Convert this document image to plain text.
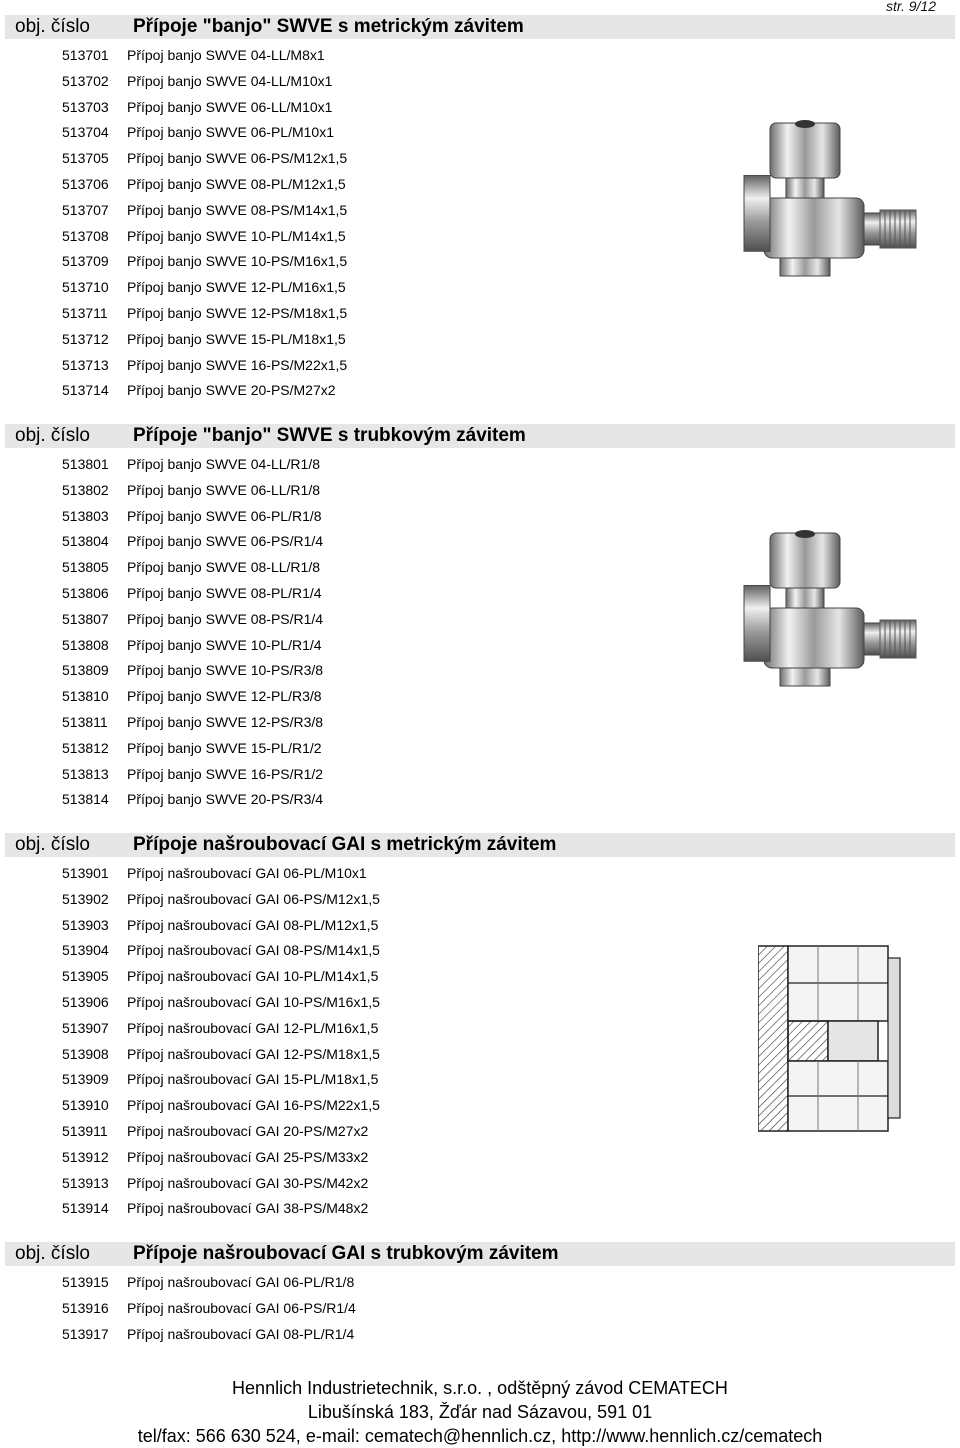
str. 9/12
obj. číslo Přípoje "banjo" SWVE s metrickým závitem
513701 Přípoj banjo SWVE 04-LL/M8x1
513702 Přípoj banjo SWVE 04-LL/M10x1
513703 Přípoj banjo SWVE 06-LL/M10x1
513704 Přípoj banjo SWVE 06-PL/M10x1
513705 Přípoj banjo SWVE 06-PS/M12x1,5
513706 Přípoj banjo SWVE 08-PL/M12x1,5
513707 Přípoj banjo SWVE 08-PS/M14x1,5
513708 Přípoj banjo SWVE 10-PL/M14x1,5
513709 Přípoj banjo SWVE 10-PS/M16x1,5
513710 Přípoj banjo SWVE 12-PL/M16x1,5
513711 Přípoj banjo SWVE 12-PS/M18x1,5
513712 Přípoj banjo SWVE 15-PL/M18x1,5
513713 Přípoj banjo SWVE 16-PS/M22x1,5
513714 Přípoj banjo SWVE 20-PS/M27x2
obj. číslo Přípoje "banjo" SWVE s trubkovým závitem
513801 Přípoj banjo SWVE 04-LL/R1/8
513802 Přípoj banjo SWVE 06-LL/R1/8
513803 Přípoj banjo SWVE 06-PL/R1/8
513804 Přípoj banjo SWVE 06-PS/R1/4
513805 Přípoj banjo SWVE 08-LL/R1/8
513806 Přípoj banjo SWVE 08-PL/R1/4
513807 Přípoj banjo SWVE 08-PS/R1/4
513808 Přípoj banjo SWVE 10-PL/R1/4
513809 Přípoj banjo SWVE 10-PS/R3/8
513810 Přípoj banjo SWVE 12-PL/R3/8
513811 Přípoj banjo SWVE 12-PS/R3/8
513812 Přípoj banjo SWVE 15-PL/R1/2
513813 Přípoj banjo SWVE 16-PS/R1/2
513814 Přípoj banjo SWVE 20-PS/R3/4
obj. číslo Přípoje našroubovací GAI s metrickým závitem
513901 Přípoj našroubovací GAI 06-PL/M10x1
513902 Přípoj našroubovací GAI 06-PS/M12x1,5
513903 Přípoj našroubovací GAI 08-PL/M12x1,5
513904 Přípoj našroubovací GAI 08-PS/M14x1,5
513905 Přípoj našroubovací GAI 10-PL/M14x1,5
513906 Přípoj našroubovací GAI 10-PS/M16x1,5
513907 Přípoj našroubovací GAI 12-PL/M16x1,5
513908 Přípoj našroubovací GAI 12-PS/M18x1,5
513909 Přípoj našroubovací GAI 15-PL/M18x1,5
513910 Přípoj našroubovací GAI 16-PS/M22x1,5
513911 Přípoj našroubovací GAI 20-PS/M27x2
513912 Přípoj našroubovací GAI 25-PS/M33x2
513913 Přípoj našroubovací GAI 30-PS/M42x2
513914 Přípoj našroubovací GAI 38-PS/M48x2
obj. číslo Přípoje našroubovací GAI s trubkovým závitem
513915 Přípoj našroubovací GAI 06-PL/R1/8
513916 Přípoj našroubovací GAI 06-PS/R1/4
513917 Přípoj našroubovací GAI 08-PL/R1/4
Hennlich Industrietechnik, s.r.o. , odštěpný závod CEMATECH
Libušínská 183, Žďár nad Sázavou, 591 01
tel/fax: 566 630 524, e-mail: cematech@hennlich.cz, http://www.hennlich.cz/cematech
